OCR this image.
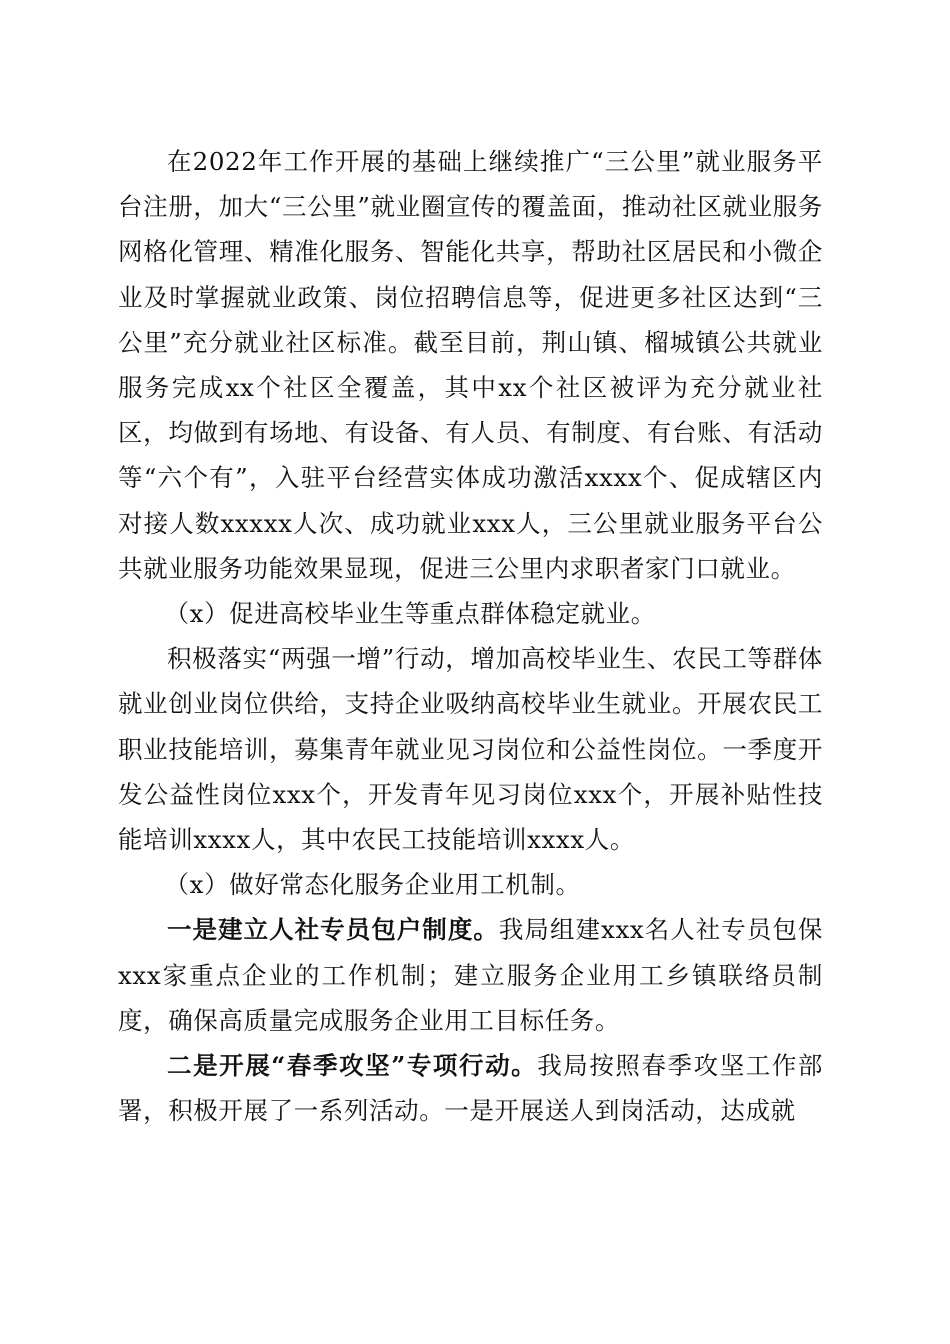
在2022年工作开展的基础上继续推广“三公里”就业服务平台注册，加大“三公里”就业圈宣传的覆盖面，推动社区就业服务网格化管理、精准化服务、智能化共享，帮助社区居民和小微企业及时掌握就业政策、岗位招聘信息等，促进更多社区达到“三公里”充分就业社区标准。截至目前，荆山镇、榴城镇公共就业服务完成xx个社区全覆盖，其中xx个社区被评为充分就业社区，均做到有场地、有设备、有人员、有制度、有台账、有活动等“六个有”，入驻平台经营实体成功激活xxxx个、促成辖区内对接人数xxxxx人次、成功就业xxx人，三公里就业服务平台公共就业服务功能效果显现，促进三公里内求职者家门口就业。

（x）促进高校毕业生等重点群体稳定就业。

积极落实“两强一增”行动，增加高校毕业生、农民工等群体就业创业岗位供给，支持企业吸纳高校毕业生就业。开展农民工职业技能培训，募集青年就业见习岗位和公益性岗位。一季度开发公益性岗位xxx个，开发青年见习岗位xxx个，开展补贴性技能培训xxxx人，其中农民工技能培训xxxx人。

（x）做好常态化服务企业用工机制。

一是建立人社专员包户制度。我局组建xxx名人社专员包保xxx家重点企业的工作机制；建立服务企业用工乡镇联络员制度，确保高质量完成服务企业用工目标任务。

二是开展“春季攻坚”专项行动。我局按照春季攻坚工作部署，积极开展了一系列活动。一是开展送人到岗活动，达成就
